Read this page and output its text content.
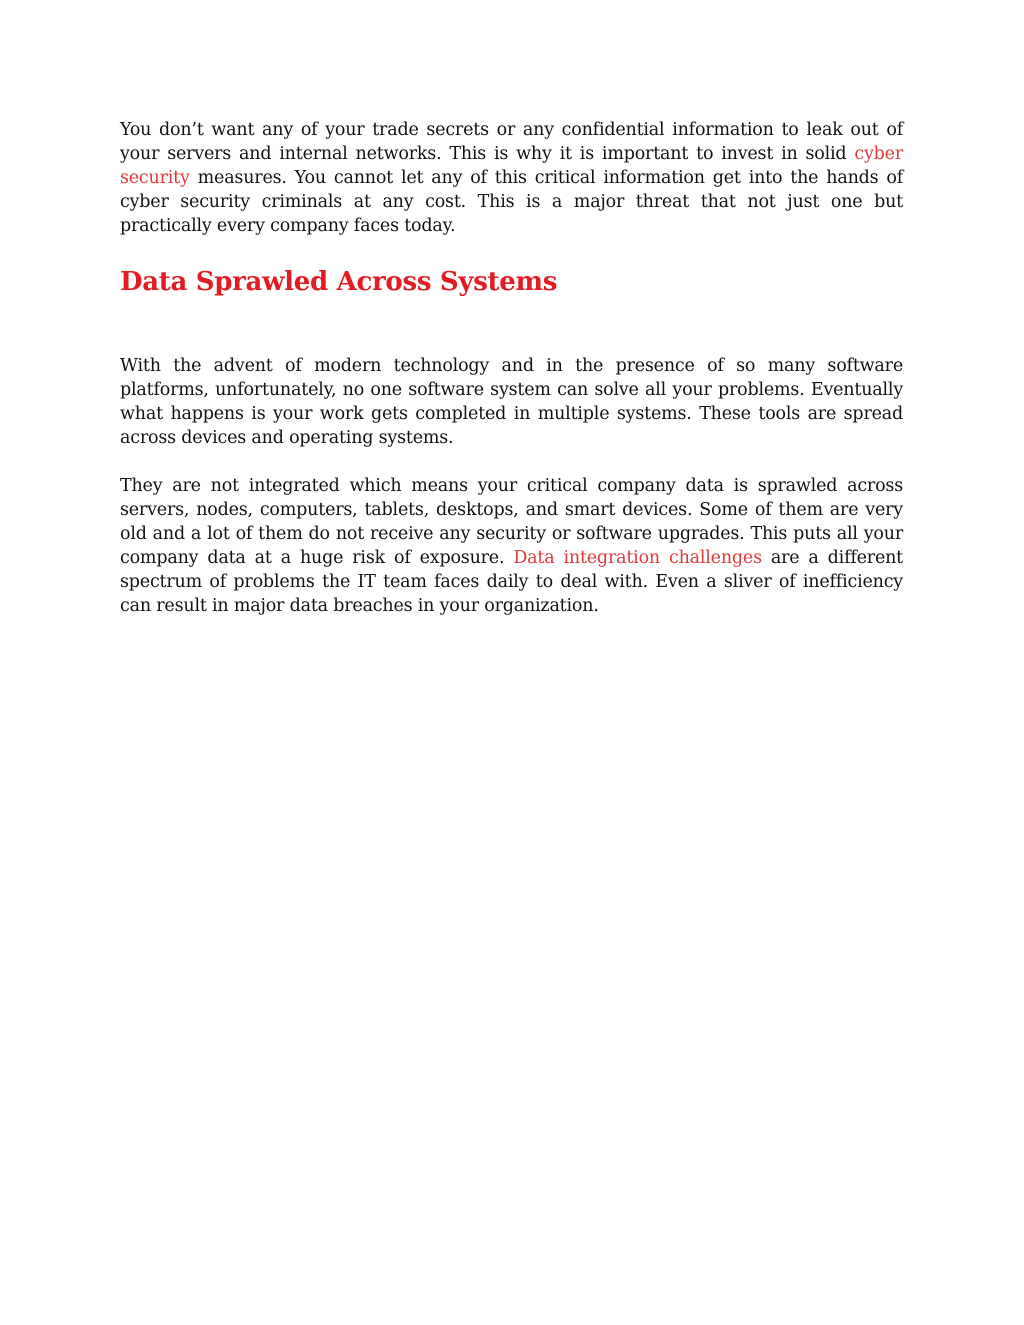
You don’t want any of your trade secrets or any confidential information to leak out of your servers and internal networks. This is why it is important to invest in solid cyber security measures. You cannot let any of this critical information get into the hands of cyber security criminals at any cost. This is a major threat that not just one but practically every company faces today.

Data Sprawled Across Systems

With the advent of modern technology and in the presence of so many software platforms, unfortunately, no one software system can solve all your problems. Eventually what happens is your work gets completed in multiple systems. These tools are spread across devices and operating systems.

They are not integrated which means your critical company data is sprawled across servers, nodes, computers, tablets, desktops, and smart devices. Some of them are very old and a lot of them do not receive any security or software upgrades. This puts all your company data at a huge risk of exposure. Data integration challenges are a different spectrum of problems the IT team faces daily to deal with. Even a sliver of inefficiency can result in major data breaches in your organization.
